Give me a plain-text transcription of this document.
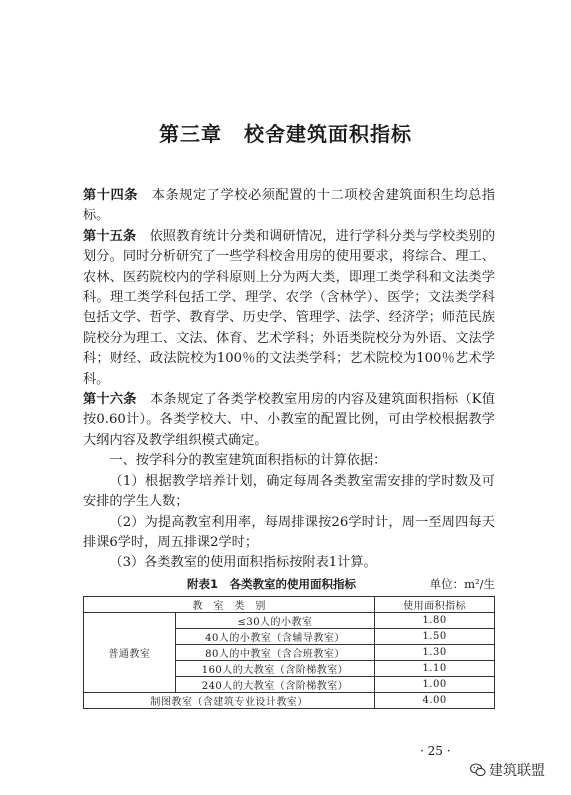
第三章 校舍建筑面积指标

第十四条　 本条规定了学校必须配置的十二项校舍建筑面积生均总指标。

第十五条　 依照教育统计分类和调研情况，进行学科分类与学校类别的划分。同时分析研究了一些学科校舍用房的使用要求，将综合、理工、农林、医药院校内的学科原则上分为两大类，即理工类学科和文法类学科。理工类学科包括工学、理学、农学（含林学）、医学；文法类学科包括文学、哲学、教育学、历史学、管理学、法学、经济学；师范民族院校分为理工、文法、体育、艺术学科；外语类院校分为外语、文法学科；财经、政法院校为100％的文法类学科；艺术院校为100％艺术学科。

第十六条　 本条规定了各类学校教室用房的内容及建筑面积指标（K值按0.60计）。各类学校大、中、小教室的配置比例，可由学校根据教学大纲内容及教学组织模式确定。

一、按学科分的教室建筑面积指标的计算依据：

（1）根据教学培养计划，确定每周各类教室需安排的学时数及可安排的学生人数；

（2）为提高教室利用率，每周排课按26学时计，周一至周四每天排课6学时，周五排课2学时；

（3）各类教室的使用面积指标按附表1计算。

附表1　各类教室的使用面积指标	单位：m²/生
教　室　类　别		使用面积指标
普通教室	≤30人的小教室	1.80
	40人的小教室（含辅导教室）	1.50
	80人的中教室（含合班教室）	1.30
	160人的大教室（含阶梯教室）	1.10
	240人的大教室（含阶梯教室）	1.00
制图教室（含建筑专业设计教室）		4.00
· 25 ·
建筑联盟
